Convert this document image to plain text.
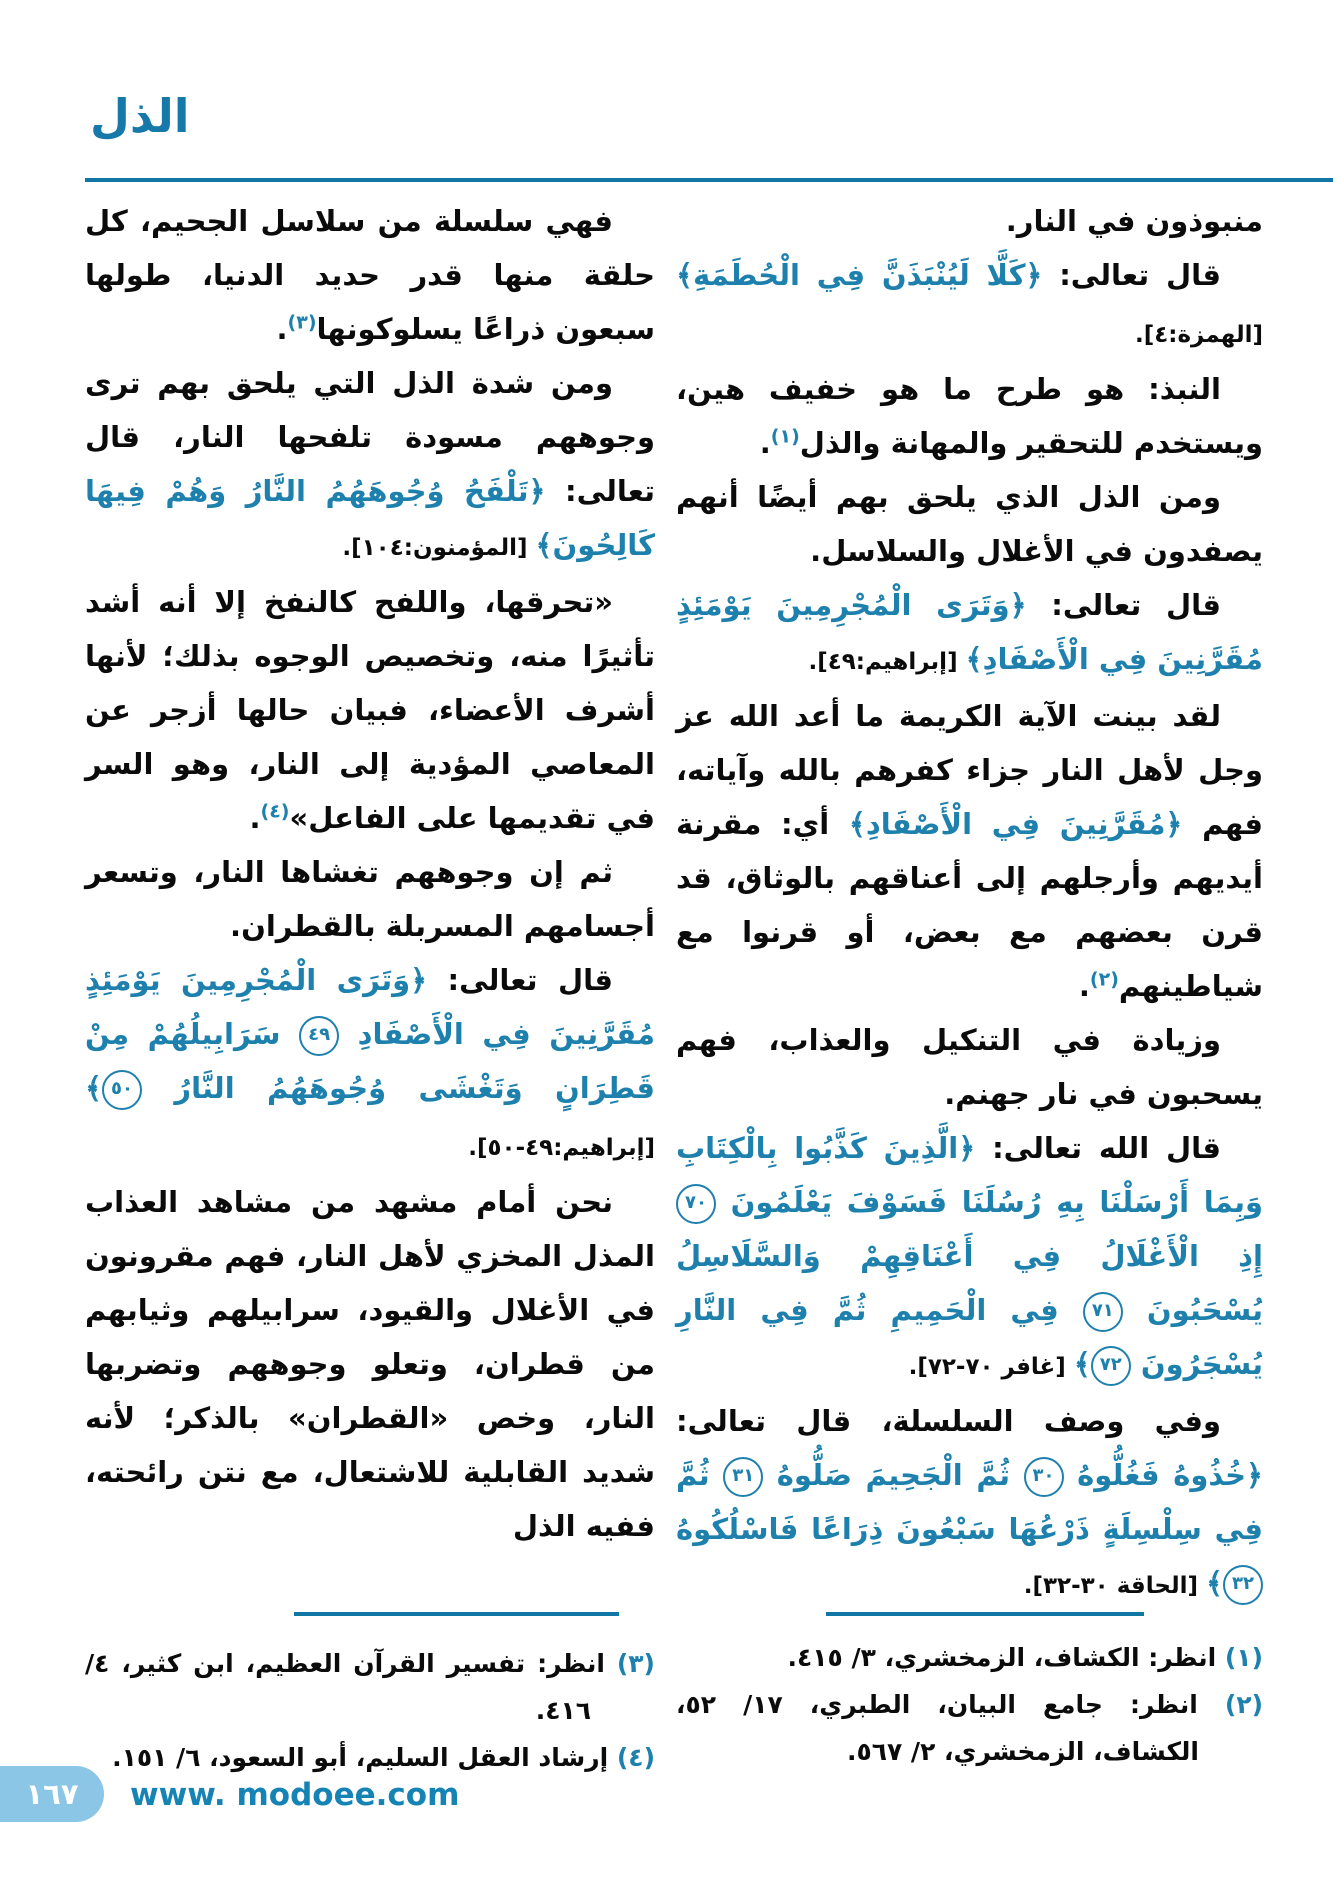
الذل

منبوذون في النار.

قال تعالى: ﴿كَلَّا لَيُنْبَذَنَّ فِي الْحُطَمَةِ﴾ [الهمزة:٤].

النبذ: هو طرح ما هو خفيف هين، ويستخدم للتحقير والمهانة والذل$^{(١)}$.

ومن الذل الذي يلحق بهم أيضًا أنهم يصفدون في الأغلال والسلاسل.

قال تعالى: ﴿وَتَرَى الْمُجْرِمِينَ يَوْمَئِذٍ مُقَرَّنِينَ فِي الْأَصْفَادِ﴾ [إبراهيم:٤٩].

لقد بينت الآية الكريمة ما أعد الله عز وجل لأهل النار جزاء كفرهم بالله وآياته، فهم ﴿مُقَرَّنِينَ فِي الْأَصْفَادِ﴾ أي: مقرنة أيديهم وأرجلهم إلى أعناقهم بالوثاق، قد قرن بعضهم مع بعض، أو قرنوا مع شياطينهم$^{(٢)}$.

وزيادة في التنكيل والعذاب، فهم يسحبون في نار جهنم.

قال الله تعالى: ﴿الَّذِينَ كَذَّبُوا بِالْكِتَابِ وَبِمَا أَرْسَلْنَا بِهِ رُسُلَنَا فَسَوْفَ يَعْلَمُونَ ٧٠ إِذِ الْأَغْلَالُ فِي أَعْنَاقِهِمْ وَالسَّلَاسِلُ يُسْحَبُونَ ٧١ فِي الْحَمِيمِ ثُمَّ فِي النَّارِ يُسْجَرُونَ ٧٢﴾ [غافر ٧٠-٧٢].

وفي وصف السلسلة، قال تعالى: ﴿خُذُوهُ فَغُلُّوهُ ٣٠ ثُمَّ الْجَحِيمَ صَلُّوهُ ٣١ ثُمَّ فِي سِلْسِلَةٍ ذَرْعُهَا سَبْعُونَ ذِرَاعًا فَاسْلُكُوهُ ٣٢﴾ [الحاقة ٣٠-٣٢].

فهي سلسلة من سلاسل الجحيم، كل حلقة منها قدر حديد الدنيا، طولها سبعون ذراعًا يسلوكونها$^{(٣)}$.

ومن شدة الذل التي يلحق بهم ترى وجوههم مسودة تلفحها النار، قال تعالى: ﴿تَلْفَحُ وُجُوهَهُمُ النَّارُ وَهُمْ فِيهَا كَالِحُونَ﴾ [المؤمنون:١٠٤].

«تحرقها، واللفح كالنفخ إلا أنه أشد تأثيرًا منه، وتخصيص الوجوه بذلك؛ لأنها أشرف الأعضاء، فبيان حالها أزجر عن المعاصي المؤدية إلى النار، وهو السر في تقديمها على الفاعل»$^{(٤)}$.

ثم إن وجوههم تغشاها النار، وتسعر أجسامهم المسربلة بالقطران.

قال تعالى: ﴿وَتَرَى الْمُجْرِمِينَ يَوْمَئِذٍ مُقَرَّنِينَ فِي الْأَصْفَادِ ٤٩ سَرَابِيلُهُمْ مِنْ قَطِرَانٍ وَتَغْشَى وُجُوهَهُمُ النَّارُ ٥٠﴾ [إبراهيم:٤٩-٥٠].

نحن أمام مشهد من مشاهد العذاب المذل المخزي لأهل النار، فهم مقرونون في الأغلال والقيود، سرابيلهم وثيابهم من قطران، وتعلو وجوههم وتضربها النار، وخص «القطران» بالذكر؛ لأنه شديد القابلية للاشتعال، مع نتن رائحته، ففيه الذل

(١) انظر: الكشاف، الزمخشري، ٣/ ٤١٥.

(٢) انظر: جامع البيان، الطبري، ١٧/ ٥٢، الكشاف، الزمخشري، ٢/ ٥٦٧.

(٣) انظر: تفسير القرآن العظيم، ابن كثير، ٤/ ٤١٦.

(٤) إرشاد العقل السليم، أبو السعود، ٦/ ١٥١.

١٦٧	www. modoee.com
